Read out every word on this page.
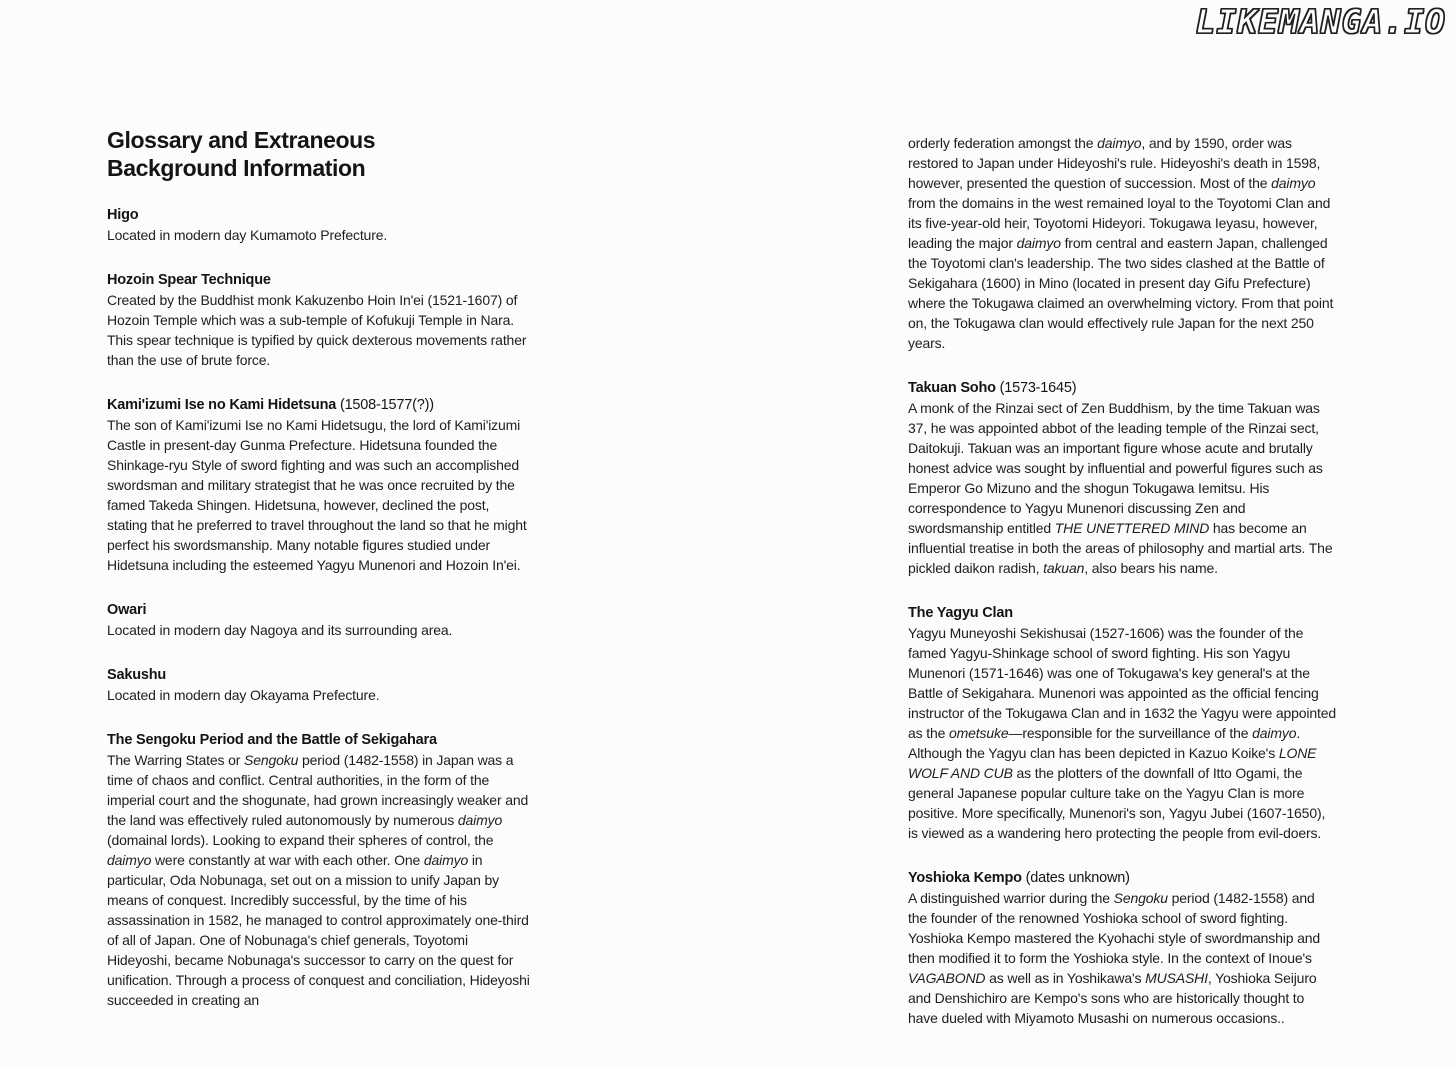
LIKEMANGA.IO
Glossary and Extraneous Background Information
Higo

Located in modern day Kumamoto Prefecture.

Hozoin Spear Technique

Created by the Buddhist monk Kakuzenbo Hoin In'ei (1521-1607) of Hozoin Temple which was a sub-temple of Kofukuji Temple in Nara. This spear technique is typified by quick dexterous movements rather than the use of brute force.

Kami'izumi Ise no Kami Hidetsuna (1508-1577(?))

The son of Kami'izumi Ise no Kami Hidetsugu, the lord of Kami'izumi Castle in present-day Gunma Prefecture. Hidetsuna founded the Shinkage-ryu Style of sword fighting and was such an accomplished swordsman and military strategist that he was once recruited by the famed Takeda Shingen. Hidetsuna, however, declined the post, stating that he preferred to travel throughout the land so that he might perfect his swordsmanship. Many notable figures studied under Hidetsuna including the esteemed Yagyu Munenori and Hozoin In'ei.

Owari

Located in modern day Nagoya and its surrounding area.

Sakushu

Located in modern day Okayama Prefecture.

The Sengoku Period and the Battle of Sekigahara

The Warring States or Sengoku period (1482-1558) in Japan was a time of chaos and conflict. Central authorities, in the form of the imperial court and the shogunate, had grown increasingly weaker and the land was effectively ruled autonomously by numerous daimyo (domainal lords). Looking to expand their spheres of control, the daimyo were constantly at war with each other. One daimyo in particular, Oda Nobunaga, set out on a mission to unify Japan by means of conquest. Incredibly successful, by the time of his assassination in 1582, he managed to control approximately one-third of all of Japan. One of Nobunaga's chief generals, Toyotomi Hideyoshi, became Nobunaga's successor to carry on the quest for unification. Through a process of conquest and conciliation, Hideyoshi succeeded in creating an

orderly federation amongst the daimyo, and by 1590, order was restored to Japan under Hideyoshi's rule. Hideyoshi's death in 1598, however, presented the question of succession. Most of the daimyo from the domains in the west remained loyal to the Toyotomi Clan and its five-year-old heir, Toyotomi Hideyori. Tokugawa Ieyasu, however, leading the major daimyo from central and eastern Japan, challenged the Toyotomi clan's leadership. The two sides clashed at the Battle of Sekigahara (1600) in Mino (located in present day Gifu Prefecture) where the Tokugawa claimed an overwhelming victory. From that point on, the Tokugawa clan would effectively rule Japan for the next 250 years.

Takuan Soho (1573-1645)

A monk of the Rinzai sect of Zen Buddhism, by the time Takuan was 37, he was appointed abbot of the leading temple of the Rinzai sect, Daitokuji. Takuan was an important figure whose acute and brutally honest advice was sought by influential and powerful figures such as Emperor Go Mizuno and the shogun Tokugawa Iemitsu. His correspondence to Yagyu Munenori discussing Zen and swordsmanship entitled THE UNETTERED MIND has become an influential treatise in both the areas of philosophy and martial arts. The pickled daikon radish, takuan, also bears his name.

The Yagyu Clan

Yagyu Muneyoshi Sekishusai (1527-1606) was the founder of the famed Yagyu-Shinkage school of sword fighting. His son Yagyu Munenori (1571-1646) was one of Tokugawa's key general's at the Battle of Sekigahara. Munenori was appointed as the official fencing instructor of the Tokugawa Clan and in 1632 the Yagyu were appointed as the ometsuke—responsible for the surveillance of the daimyo. Although the Yagyu clan has been depicted in Kazuo Koike's LONE WOLF AND CUB as the plotters of the downfall of Itto Ogami, the general Japanese popular culture take on the Yagyu Clan is more positive. More specifically, Munenori's son, Yagyu Jubei (1607-1650), is viewed as a wandering hero protecting the people from evil-doers.

Yoshioka Kempo (dates unknown)

A distinguished warrior during the Sengoku period (1482-1558) and the founder of the renowned Yoshioka school of sword fighting. Yoshioka Kempo mastered the Kyohachi style of swordmanship and then modified it to form the Yoshioka style. In the context of Inoue's VAGABOND as well as in Yoshikawa's MUSASHI, Yoshioka Seijuro and Denshichiro are Kempo's sons who are historically thought to have dueled with Miyamoto Musashi on numerous occasions..
